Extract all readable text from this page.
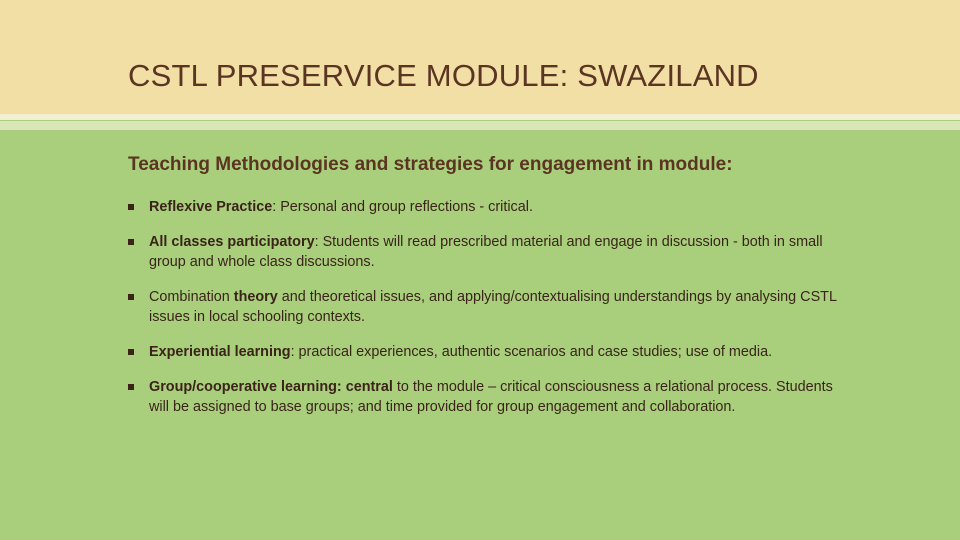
CSTL PRESERVICE MODULE: SWAZILAND
Teaching Methodologies and strategies for engagement in module:
Reflexive Practice: Personal and group reflections - critical.
All classes participatory: Students will read prescribed material and engage in discussion - both in small group and whole class discussions.
Combination theory and theoretical issues, and applying/contextualising understandings by analysing CSTL issues in local schooling contexts.
Experiential learning: practical experiences, authentic scenarios and case studies; use of media.
Group/cooperative learning: central to the module – critical consciousness a relational process. Students will be assigned to base groups; and time provided for group engagement and collaboration.
